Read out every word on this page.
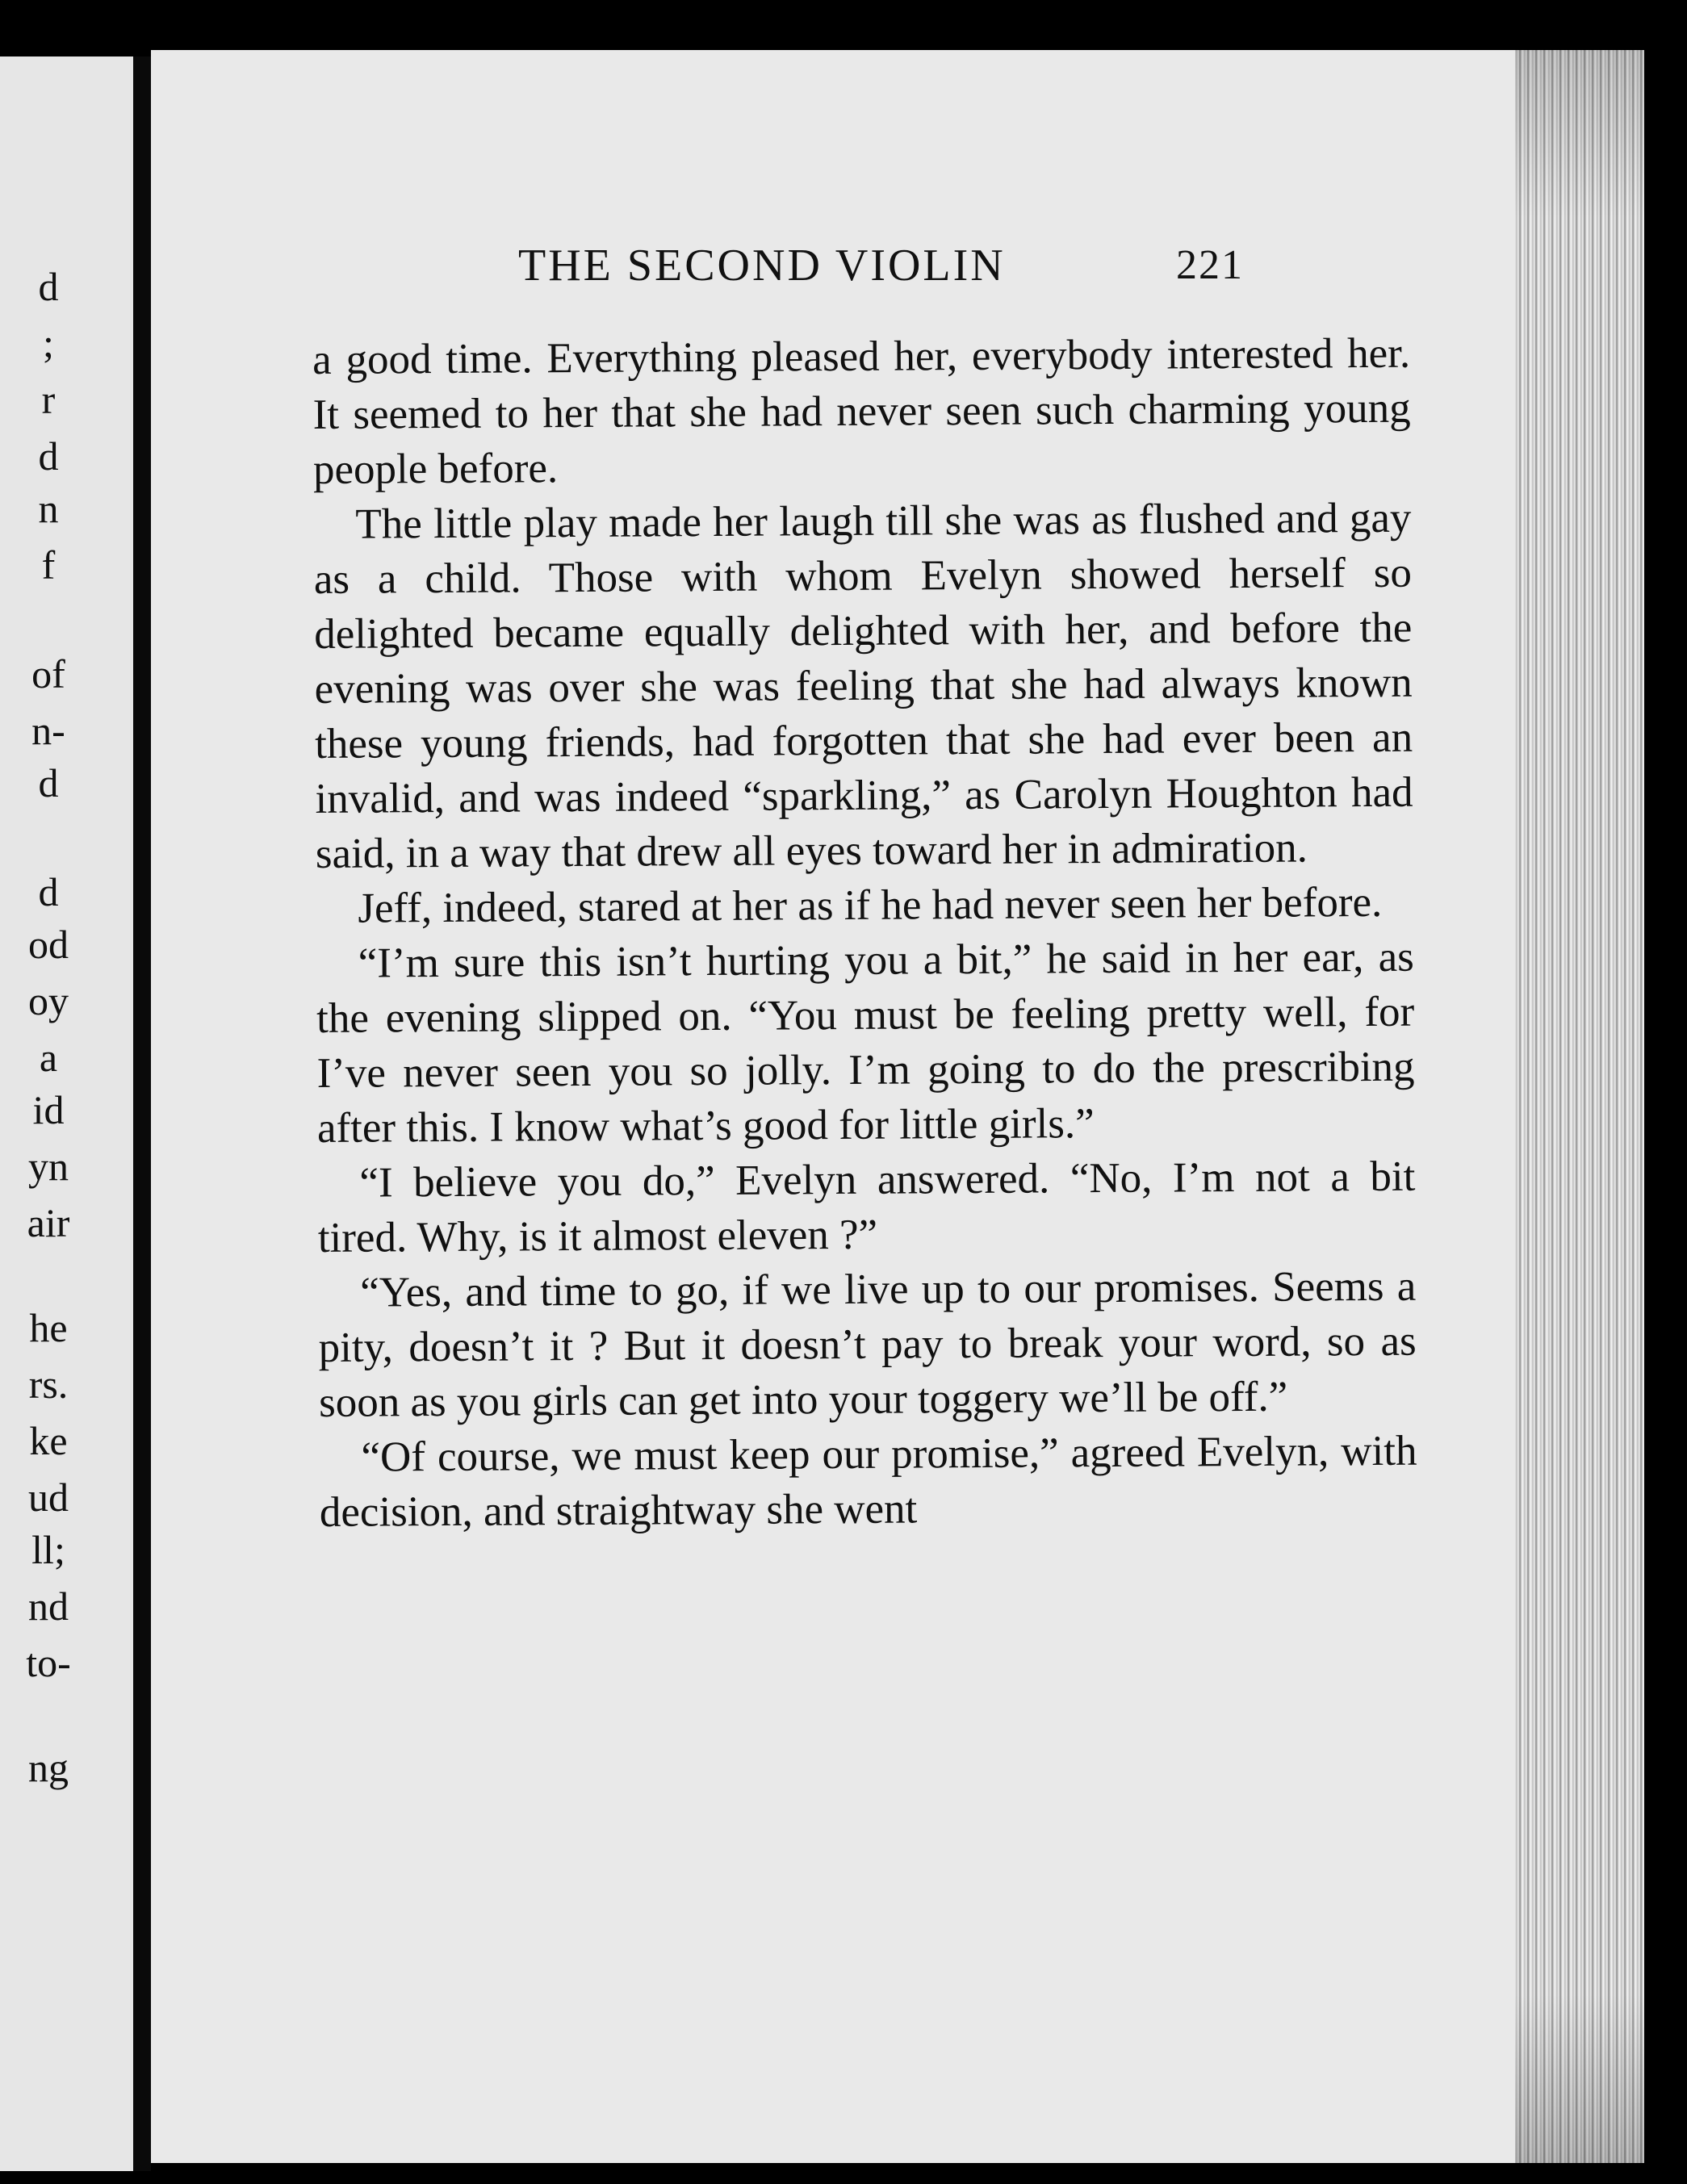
d
;
r
d
n
f
of
n-
d
d
od
oy
a
id
yn
air
he
rs.
ke
ud
ll;
nd
to-
ng
THE SECOND VIOLIN	221

a good time. Everything pleased her, everybody interested her. It seemed to her that she had never seen such charming young people before.

The little play made her laugh till she was as flushed and gay as a child. Those with whom Evelyn showed herself so delighted became equally delighted with her, and before the evening was over she was feeling that she had always known these young friends, had forgotten that she had ever been an invalid, and was indeed “sparkling,” as Carolyn Houghton had said, in a way that drew all eyes toward her in admiration.

Jeff, indeed, stared at her as if he had never seen her before.

“I’m sure this isn’t hurting you a bit,” he said in her ear, as the evening slipped on. “You must be feeling pretty well, for I’ve never seen you so jolly. I’m going to do the prescribing after this. I know what’s good for little girls.”

“I believe you do,” Evelyn answered. “No, I’m not a bit tired. Why, is it almost eleven ?”

“Yes, and time to go, if we live up to our promises. Seems a pity, doesn’t it ? But it doesn’t pay to break your word, so as soon as you girls can get into your toggery we’ll be off.”

“Of course, we must keep our promise,” agreed Evelyn, with decision, and straightway she went
